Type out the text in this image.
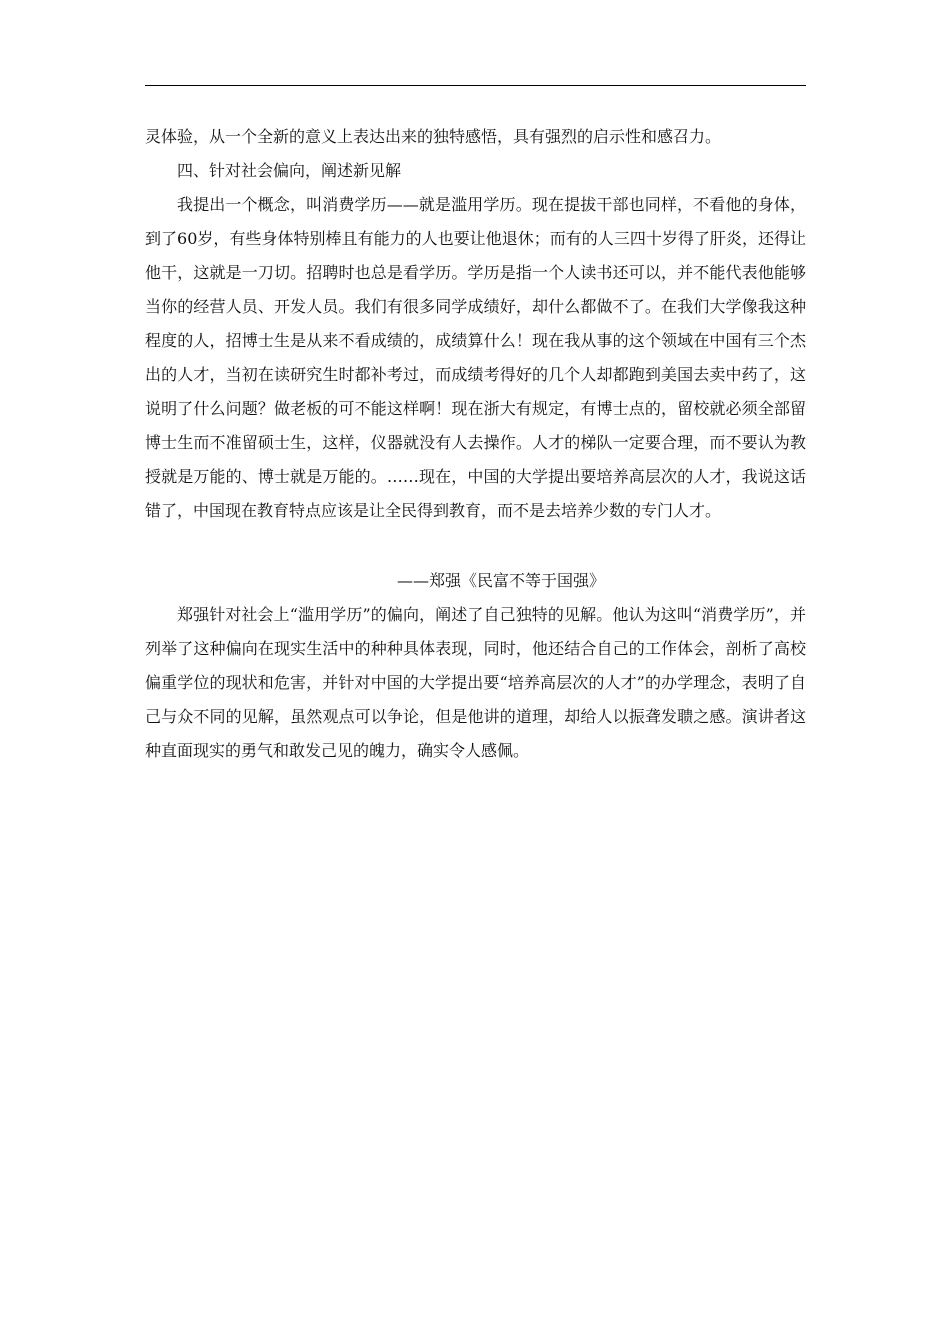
灵体验，从一个全新的意义上表达出来的独特感悟，具有强烈的启示性和感召力。

四、针对社会偏向，阐述新见解

我提出一个概念，叫消费学历——就是滥用学历。现在提拔干部也同样，不看他的身体，到了60岁，有些身体特别棒且有能力的人也要让他退休；而有的人三四十岁得了肝炎，还得让他干，这就是一刀切。招聘时也总是看学历。学历是指一个人读书还可以，并不能代表他能够当你的经营人员、开发人员。我们有很多同学成绩好，却什么都做不了。在我们大学像我这种程度的人，招博士生是从来不看成绩的，成绩算什么！现在我从事的这个领域在中国有三个杰出的人才，当初在读研究生时都补考过，而成绩考得好的几个人却都跑到美国去卖中药了，这说明了什么问题？做老板的可不能这样啊！现在浙大有规定，有博士点的，留校就必须全部留博士生而不准留硕士生，这样，仪器就没有人去操作。人才的梯队一定要合理，而不要认为教授就是万能的、博士就是万能的。……现在，中国的大学提出要培养高层次的人才，我说这话错了，中国现在教育特点应该是让全民得到教育，而不是去培养少数的专门人才。

——郑强《民富不等于国强》

郑强针对社会上“滥用学历”的偏向，阐述了自己独特的见解。他认为这叫“消费学历”，并列举了这种偏向在现实生活中的种种具体表现，同时，他还结合自己的工作体会，剖析了高校偏重学位的现状和危害，并针对中国的大学提出要“培养高层次的人才”的办学理念，表明了自己与众不同的见解，虽然观点可以争论，但是他讲的道理，却给人以振聋发聩之感。演讲者这种直面现实的勇气和敢发己见的魄力，确实令人感佩。
